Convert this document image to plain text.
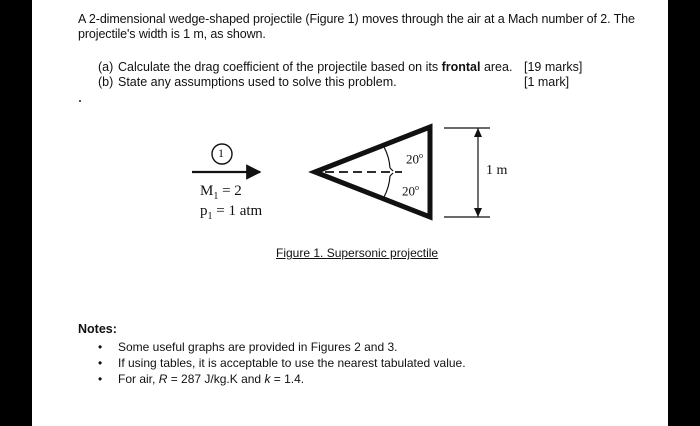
A 2-dimensional wedge-shaped projectile (Figure 1) moves through the air at a Mach number of 2. The
projectile's width is 1 m, as shown.
(a) Calculate the drag coefficient of the projectile based on its frontal area. [19 marks]
(b) State any assumptions used to solve this problem.	[1 mark]
1
$M_1 = 2$
$p_1 = 1$ atm
20$^o$
20$^o$
1 m
Figure 1. Supersonic projectile
Notes:
• Some useful graphs are provided in Figures 2 and 3.
• If using tables, it is acceptable to use the nearest tabulated value.
• For air, R = 287 J/kg.K and k = 1.4.
